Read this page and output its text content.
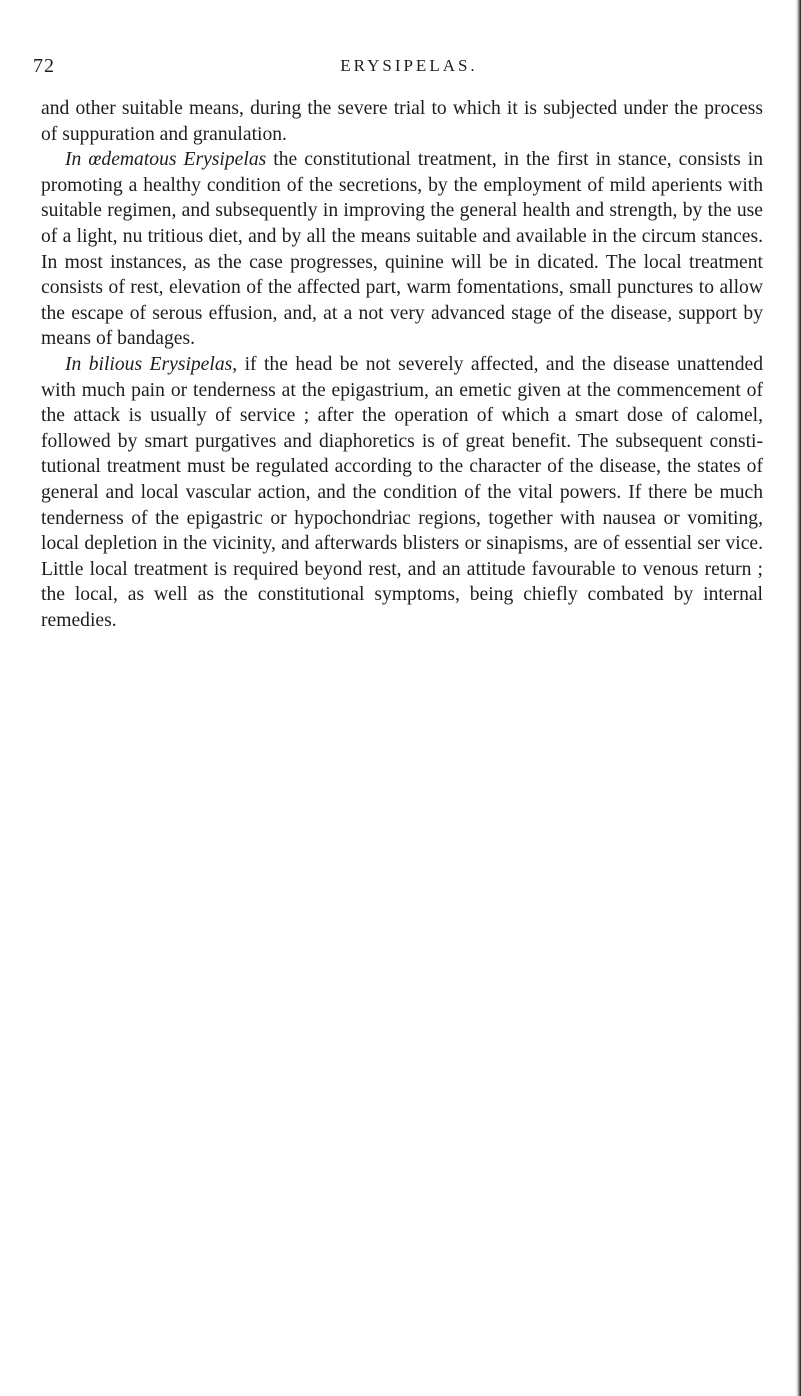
72	ERYSIPELAS.

and other suitable means, during the severe trial to which it is subjected under the process of suppuration and granulation.

In œdematous Erysipelas the constitutional treatment, in the first in stance, consists in promoting a healthy condition of the secretions, by the employment of mild aperients with suitable regimen, and subsequently in improving the general health and strength, by the use of a light, nu tritious diet, and by all the means suitable and available in the circum stances. In most instances, as the case progresses, quinine will be in dicated. The local treatment consists of rest, elevation of the affected part, warm fomentations, small punctures to allow the escape of serous effusion, and, at a not very advanced stage of the disease, support by means of bandages.

In bilious Erysipelas, if the head be not severely affected, and the disease unattended with much pain or tenderness at the epigastrium, an emetic given at the commencement of the attack is usually of service ; after the operation of which a smart dose of calomel, followed by smart purgatives and diaphoretics is of great benefit. The subsequent consti tutional treatment must be regulated according to the character of the disease, the states of general and local vascular action, and the condition of the vital powers. If there be much tenderness of the epigastric or hypochondriac regions, together with nausea or vomiting, local depletion in the vicinity, and afterwards blisters or sinapisms, are of essential ser vice. Little local treatment is required beyond rest, and an attitude favourable to venous return ; the local, as well as the constitutional symptoms, being chiefly combated by internal remedies.
